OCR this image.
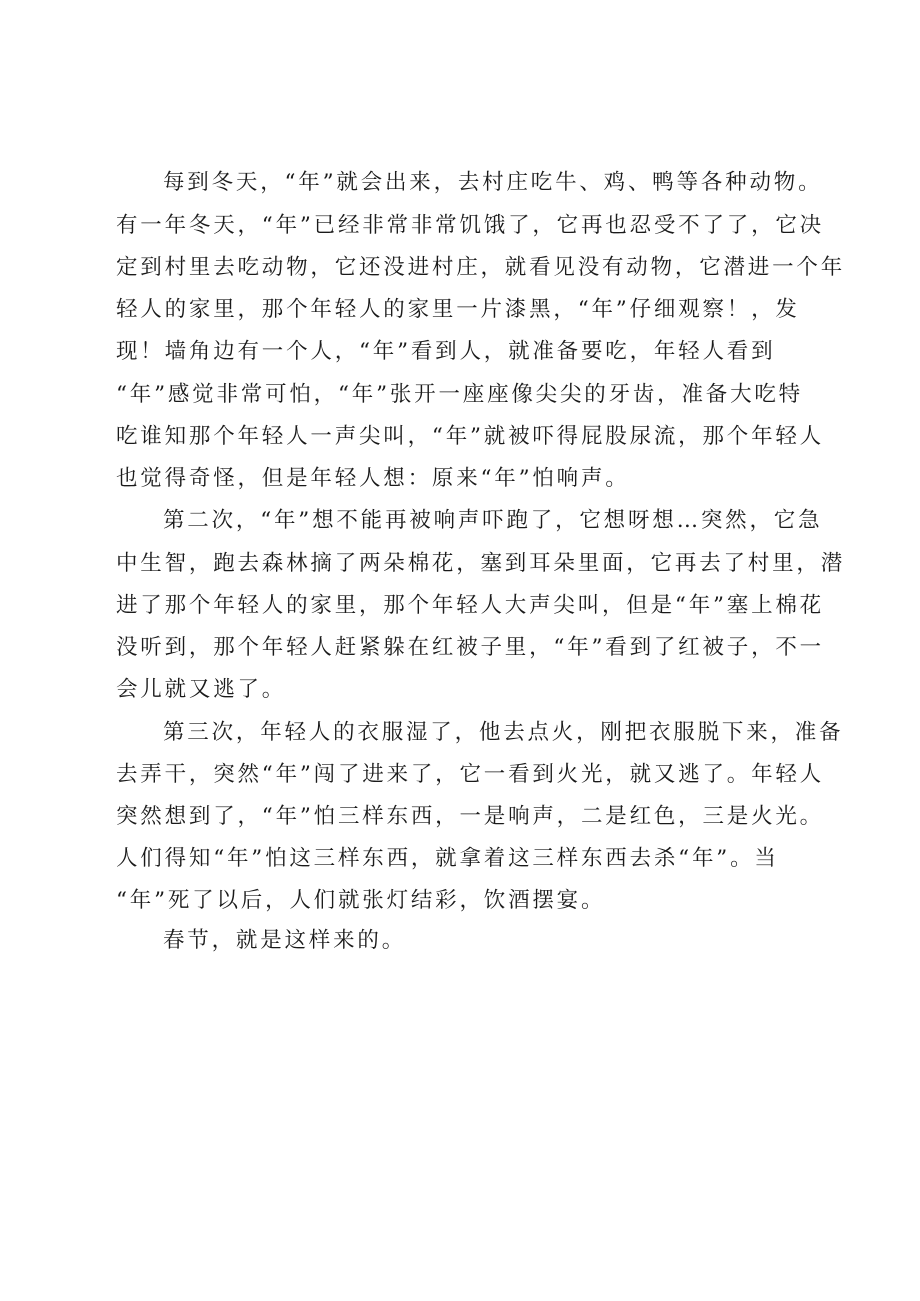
每到冬天，“年”就会出来，去村庄吃牛、鸡、鸭等各种动物。
有一年冬天，“年”已经非常非常饥饿了，它再也忍受不了了，它决
定到村里去吃动物，它还没进村庄，就看见没有动物，它潜进一个年
轻人的家里，那个年轻人的家里一片漆黑，“年”仔细观察！，发
现！墙角边有一个人，“年”看到人，就准备要吃，年轻人看到
“年”感觉非常可怕，“年”张开一座座像尖尖的牙齿，准备大吃特
吃谁知那个年轻人一声尖叫，“年”就被吓得屁股尿流，那个年轻人
也觉得奇怪，但是年轻人想：原来“年”怕响声。
第二次，“年”想不能再被响声吓跑了，它想呀想…突然，它急
中生智，跑去森林摘了两朵棉花，塞到耳朵里面，它再去了村里，潜
进了那个年轻人的家里，那个年轻人大声尖叫，但是“年”塞上棉花
没听到，那个年轻人赶紧躲在红被子里，“年”看到了红被子，不一
会儿就又逃了。
第三次，年轻人的衣服湿了，他去点火，刚把衣服脱下来，准备
去弄干，突然“年”闯了进来了，它一看到火光，就又逃了。年轻人
突然想到了，“年”怕三样东西，一是响声，二是红色，三是火光。
人们得知“年”怕这三样东西，就拿着这三样东西去杀“年”。当
“年”死了以后，人们就张灯结彩，饮酒摆宴。
春节，就是这样来的。
